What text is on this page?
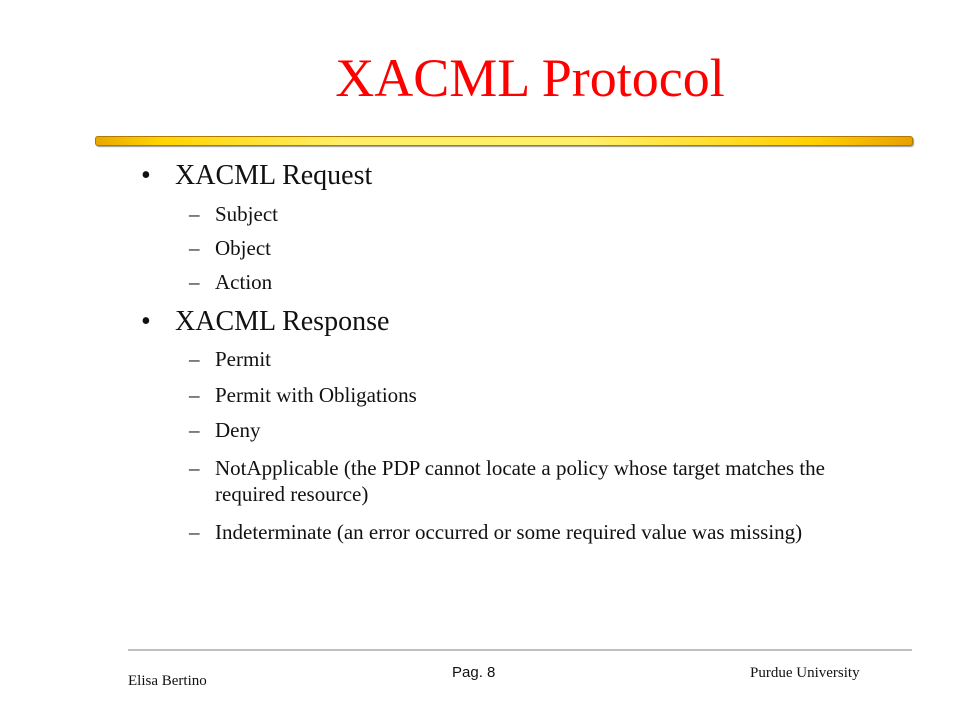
XACML Protocol
• XACML Request
– Subject
– Object
– Action
• XACML Response
– Permit
– Permit with Obligations
– Deny
– NotApplicable (the PDP cannot locate a policy whose target matches the required resource)
– Indeterminate (an error occurred or some required value was missing)
Elisa Bertino	Pag. 8	Purdue University
